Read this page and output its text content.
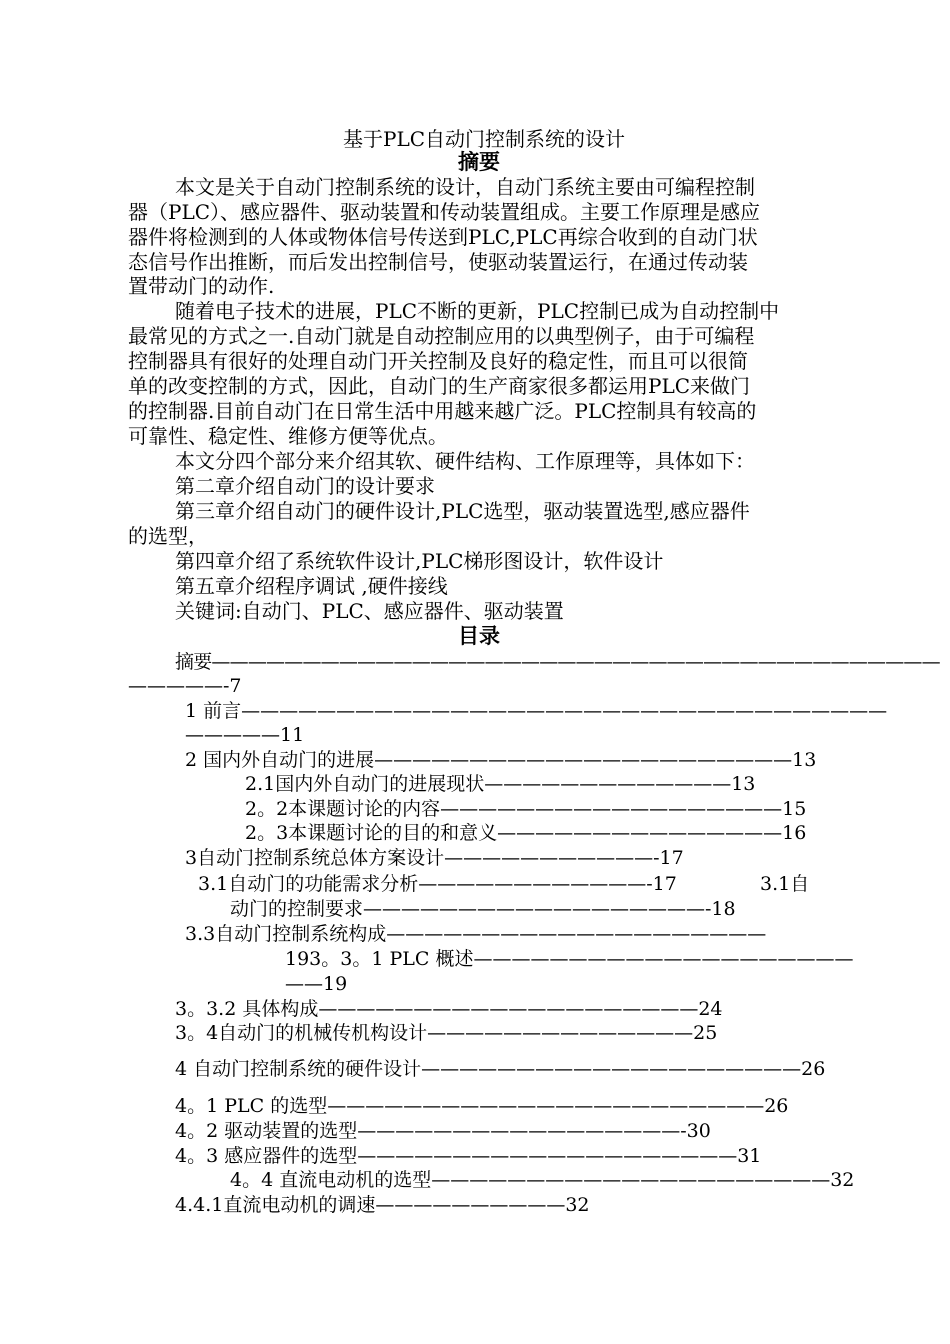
基于PLC自动门控制系统的设计
摘要
本文是关于自动门控制系统的设计，自动门系统主要由可编程控制
器（PLC）、感应器件、驱动装置和传动装置组成。主要工作原理是感应
器件将检测到的人体或物体信号传送到PLC,PLC再综合收到的自动门状
态信号作出推断，而后发出控制信号，使驱动装置运行，在通过传动装
置带动门的动作.
随着电子技术的进展，PLC不断的更新，PLC控制已成为自动控制中
最常见的方式之一.自动门就是自动控制应用的以典型例子，由于可编程
控制器具有很好的处理自动门开关控制及良好的稳定性，而且可以很简
单的改变控制的方式，因此，自动门的生产商家很多都运用PLC来做门
的控制器.目前自动门在日常生活中用越来越广泛。PLC控制具有较高的
可靠性、稳定性、维修方便等优点。
本文分四个部分来介绍其软、硬件结构、工作原理等，具体如下：
第二章介绍自动门的设计要求
第三章介绍自动门的硬件设计,PLC选型，驱动装置选型,感应器件
的选型，
第四章介绍了系统软件设计,PLC梯形图设计，软件设计
第五章介绍程序调试 ,硬件接线
关键词:自动门、PLC、感应器件、驱动装置
目录
摘要————————————————————————————————————————
—————-7
1 前言——————————————————————————————————
—————11
2 国内外自动门的进展——————————————————————13
2.1国内外自动门的进展现状—————————————13
2。2本课题讨论的内容——————————————————15
2。3本课题讨论的目的和意义———————————————16
3自动门控制系统总体方案设计———————————-17
3.1自动门的功能需求分析————————————-17	3.1自
动门的控制要求——————————————————-18
3.3自动门控制系统构成————————————————————
193。3。1 PLC 概述————————————————————
——19
3。3.2 具体构成————————————————————24
3。4自动门的机械传机构设计——————————————25
4 自动门控制系统的硬件设计————————————————————26
4。1 PLC 的选型———————————————————————26
4。2 驱动装置的选型—————————————————-30
4。3 感应器件的选型————————————————————31
4。4 直流电动机的选型—————————————————————32
4.4.1直流电动机的调速——————————32
